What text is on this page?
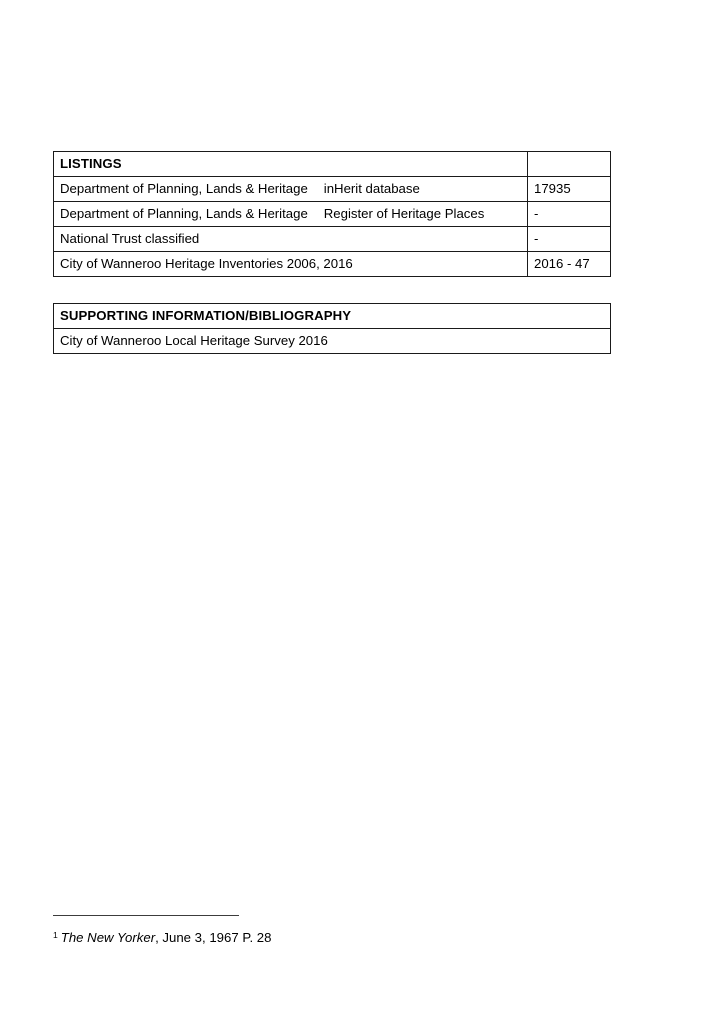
LISTINGS	
Department of Planning, Lands & Heritage inHerit database	17935
Department of Planning, Lands & Heritage Register of Heritage Places	-
National Trust classified	-
City of Wanneroo Heritage Inventories 2006, 2016	2016 - 47
SUPPORTING INFORMATION/BIBLIOGRAPHY
City of Wanneroo Local Heritage Survey 2016
$^1$ The New Yorker, June 3, 1967 P. 28
